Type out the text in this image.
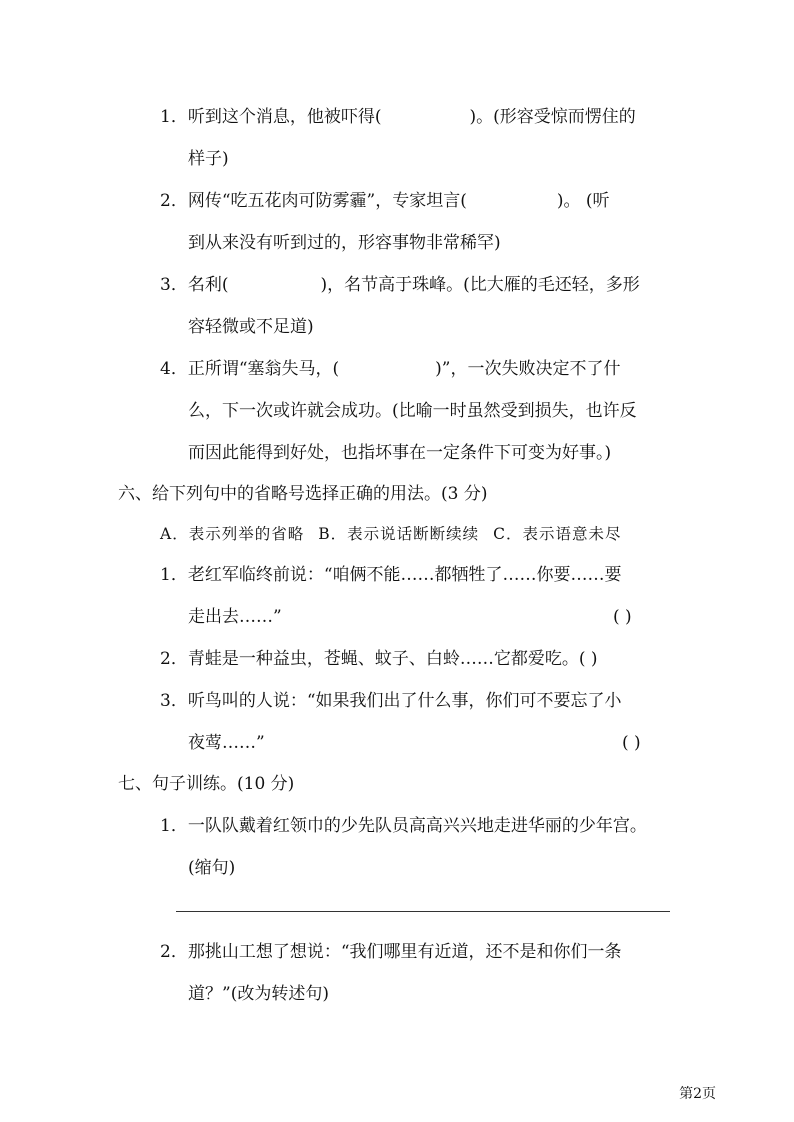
1．听到这个消息，他被吓得(	)。(形容受惊而愣住的
样子)
2．网传“吃五花肉可防雾霾”，专家坦言(	)。 (听
到从来没有听到过的，形容事物非常稀罕)
3．名利(	)，名节高于珠峰。(比大雁的毛还轻，多形
容轻微或不足道)
4．正所谓“塞翁失马，(	)”，一次失败决定不了什
么，下一次或许就会成功。(比喻一时虽然受到损失，也许反
而因此能得到好处，也指坏事在一定条件下可变为好事。)
六、给下列句中的省略号选择正确的用法。(3 分)
A．表示列举的省略 B．表示说话断断续续 C．表示语意未尽
1．老红军临终前说：“咱俩不能……都牺牲了……你要……要
走出去……”	( )
2．青蛙是一种益虫，苍蝇、蚊子、白蛉……它都爱吃。( )
3．听鸟叫的人说：“如果我们出了什么事，你们可不要忘了小
夜莺……”	( )
七、句子训练。(10 分)
1．一队队戴着红领巾的少先队员高高兴兴地走进华丽的少年宫。
(缩句)
2．那挑山工想了想说：“我们哪里有近道，还不是和你们一条
道？”(改为转述句)
第2页
